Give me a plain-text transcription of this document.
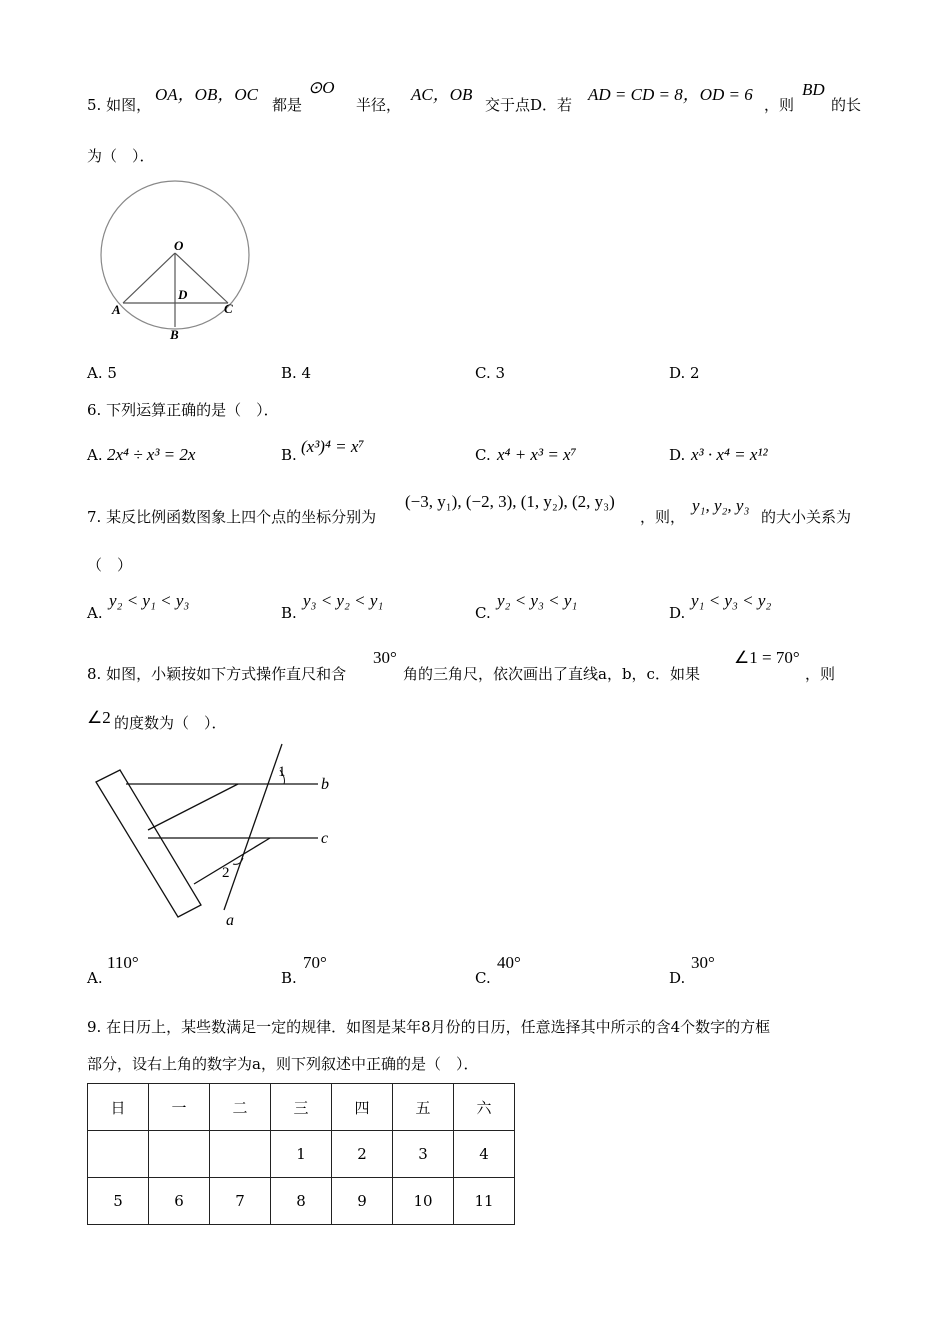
5. 如图，
OA，OB，OC
都是
⊙O
半径，
AC，OB
交于点D．若
AD = CD = 8，OD = 6
，则
BD
的长
为（　）．
O
D
A	C
B
A. 5	B. 4	C. 3	D. 2
6. 下列运算正确的是（　）．
A. 2x⁴ ÷ x³ = 2x	B. (x³)⁴ = x⁷	C. x⁴ + x³ = x⁷	D. x³ · x⁴ = x¹²
7. 某反比例函数图象上四个点的坐标分别为
(−3, y₁), (−2, 3), (1, y₂), (2, y₃)
，则，
y₁, y₂, y₃
的大小关系为
（　）
A.
y₂ < y₁ < y₃
B.
y₃ < y₂ < y₁
C.
y₂ < y₃ < y₁
D.
y₁ < y₃ < y₂
8. 如图，小颖按如下方式操作直尺和含
30°
角的三角尺，依次画出了直线a，b，c．如果
∠1 = 70°
，则
∠2 的度数为（　）．
1
2
a
b
c
A.
110°
B.
70°
C.
40°
D.
30°
9. 在日历上，某些数满足一定的规律．如图是某年8月份的日历，任意选择其中所示的含4个数字的方框
部分，设右上角的数字为a，则下列叙述中正确的是（　）．
日	一	二	三	四	五	六
			1	2	3	4
5	6	7	8	9	10	11
